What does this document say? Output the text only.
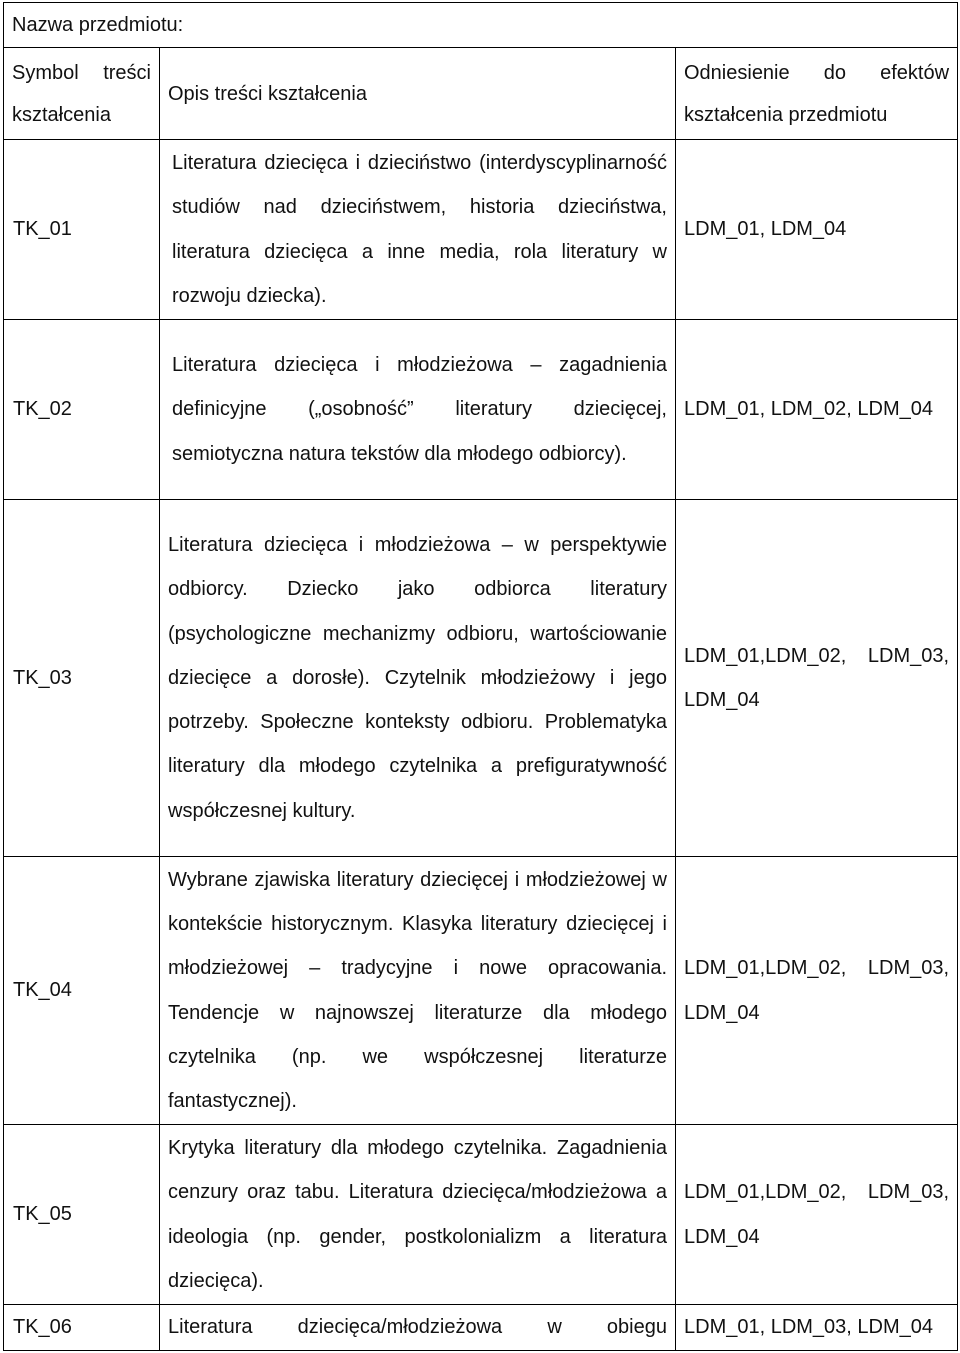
Nazwa przedmiotu:		
Symbol treści kształcenia	Opis treści kształcenia	Odniesienie do efektów kształcenia przedmiotu
TK_01	Literatura dziecięca i dzieciństwo (interdyscyplinarność studiów nad dzieciństwem, historia dzieciństwa, literatura dziecięca a inne media, rola literatury w rozwoju dziecka).	LDM_01, LDM_04
TK_02	Literatura dziecięca i młodzieżowa – zagadnienia definicyjne („osobność” literatury dziecięcej, semiotyczna natura tekstów dla młodego odbiorcy).	LDM_01, LDM_02, LDM_04
TK_03	Literatura dziecięca i młodzieżowa – w perspektywie odbiorcy. Dziecko jako odbiorca literatury (psychologiczne mechanizmy odbioru, wartościowanie dziecięce a dorosłe). Czytelnik młodzieżowy i jego potrzeby. Społeczne konteksty odbioru. Problematyka literatury dla młodego czytelnika a prefiguratywność współczesnej kultury.	LDM_01,LDM_02, LDM_03, LDM_04
TK_04	Wybrane zjawiska literatury dziecięcej i młodzieżowej w kontekście historycznym. Klasyka literatury dziecięcej i młodzieżowej – tradycyjne i nowe opracowania. Tendencje w najnowszej literaturze dla młodego czytelnika (np. we współczesnej literaturze fantastycznej).	LDM_01,LDM_02, LDM_03, LDM_04
TK_05	Krytyka literatury dla młodego czytelnika. Zagadnienia cenzury oraz tabu. Literatura dziecięca/młodzieżowa a ideologia (np. gender, postkolonializm a literatura dziecięca).	LDM_01,LDM_02, LDM_03, LDM_04
TK_06	Literatura dziecięca/młodzieżowa w obiegu	LDM_01, LDM_03, LDM_04
